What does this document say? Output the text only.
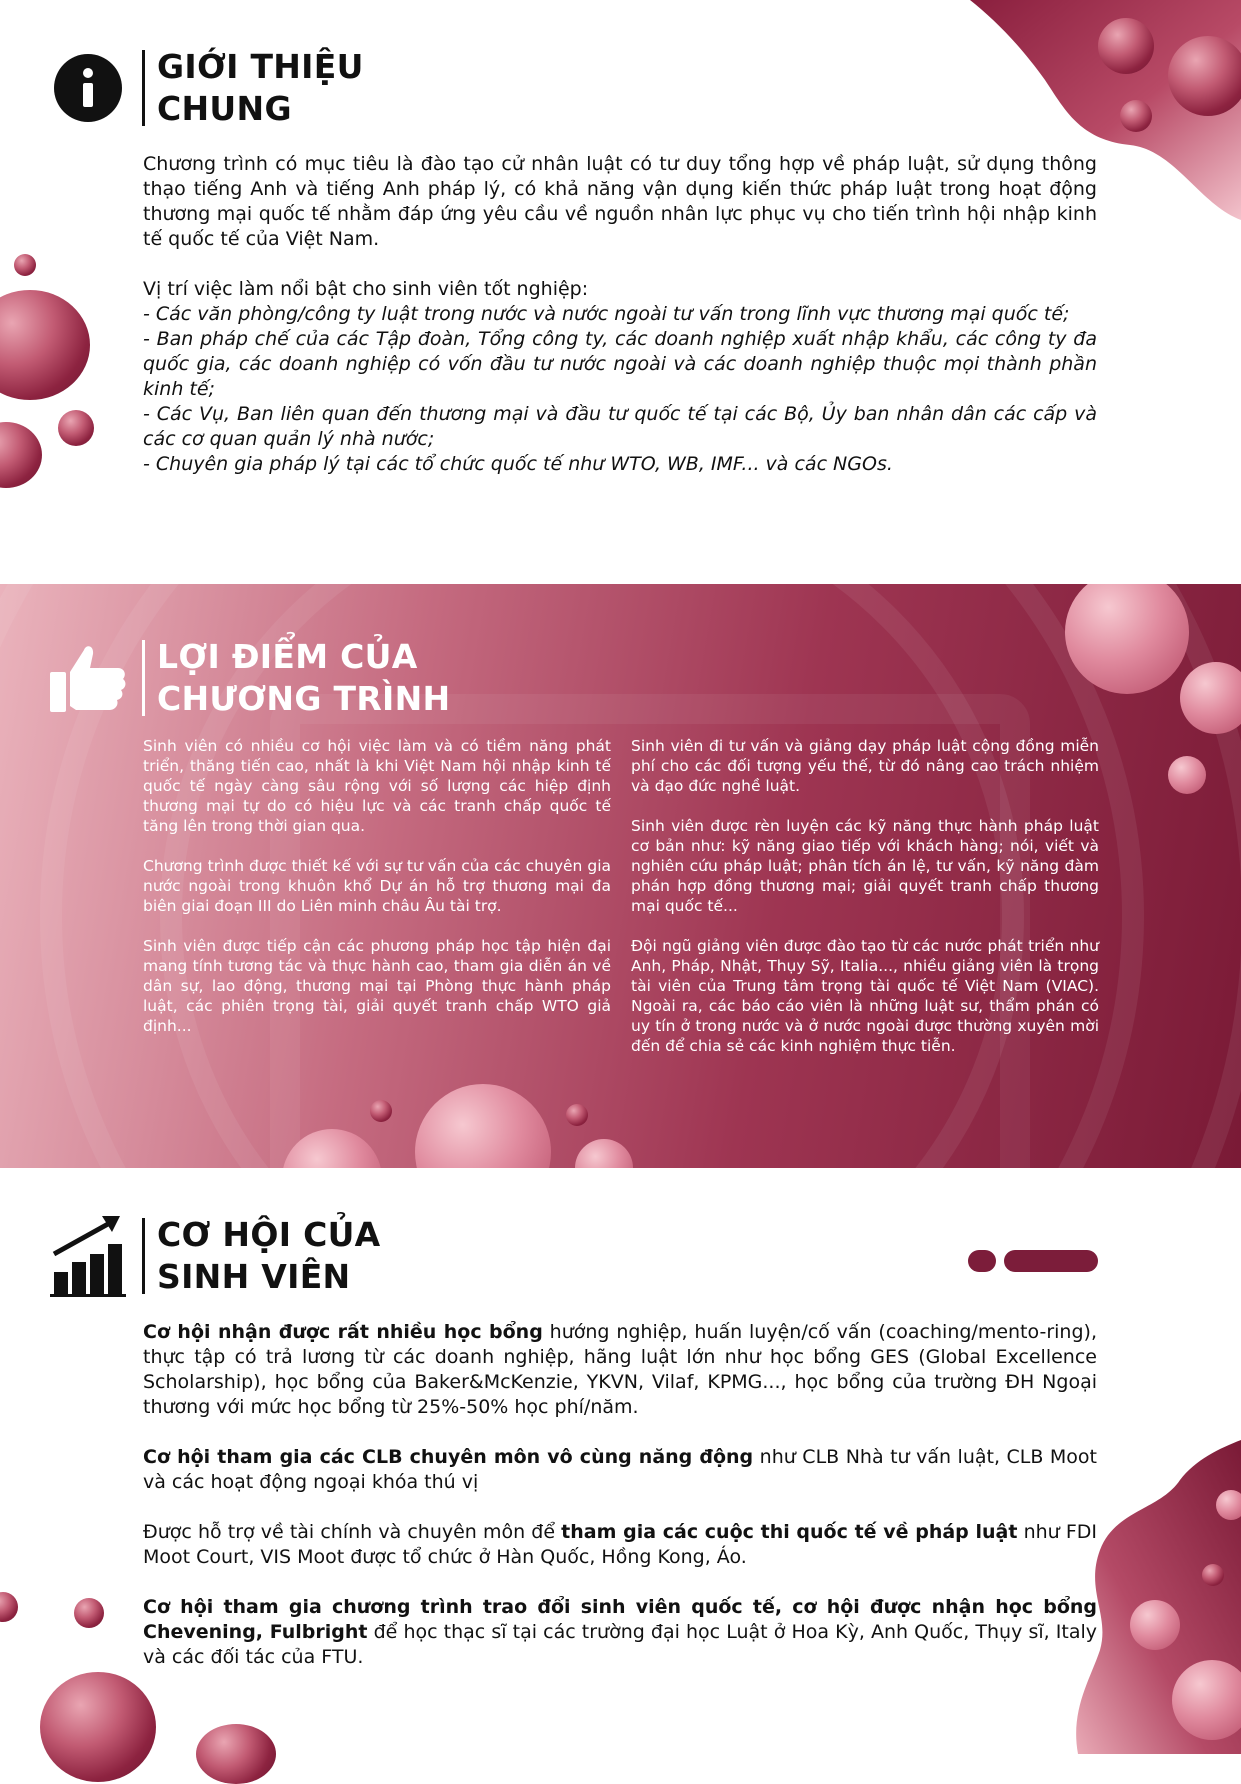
GIỚI THIỆU
CHUNG

Chương trình có mục tiêu là đào tạo cử nhân luật có tư duy tổng hợp về pháp luật, sử dụng thông thạo tiếng Anh và tiếng Anh pháp lý, có khả năng vận dụng kiến thức pháp luật trong hoạt động thương mại quốc tế nhằm đáp ứng yêu cầu về nguồn nhân lực phục vụ cho tiến trình hội nhập kinh tế quốc tế của Việt Nam.

Vị trí việc làm nổi bật cho sinh viên tốt nghiệp:

- Các văn phòng/công ty luật trong nước và nước ngoài tư vấn trong lĩnh vực thương mại quốc tế;

- Ban pháp chế của các Tập đoàn, Tổng công ty, các doanh nghiệp xuất nhập khẩu, các công ty đa quốc gia, các doanh nghiệp có vốn đầu tư nước ngoài và các doanh nghiệp thuộc mọi thành phần kinh tế;

- Các Vụ, Ban liên quan đến thương mại và đầu tư quốc tế tại các Bộ, Ủy ban nhân dân các cấp và các cơ quan quản lý nhà nước;

- Chuyên gia pháp lý tại các tổ chức quốc tế như WTO, WB, IMF... và các NGOs.

LỢI ĐIỂM CỦA
CHƯƠNG TRÌNH

Sinh viên có nhiều cơ hội việc làm và có tiềm năng phát triển, thăng tiến cao, nhất là khi Việt Nam hội nhập kinh tế quốc tế ngày càng sâu rộng với số lượng các hiệp định thương mại tự do có hiệu lực và các tranh chấp quốc tế tăng lên trong thời gian qua.

Chương trình được thiết kế với sự tư vấn của các chuyên gia nước ngoài trong khuôn khổ Dự án hỗ trợ thương mại đa biên giai đoạn III do Liên minh châu Âu tài trợ.

Sinh viên được tiếp cận các phương pháp học tập hiện đại mang tính tương tác và thực hành cao, tham gia diễn án về dân sự, lao động, thương mại tại Phòng thực hành pháp luật, các phiên trọng tài, giải quyết tranh chấp WTO giả định...

Sinh viên đi tư vấn và giảng dạy pháp luật cộng đồng miễn phí cho các đối tượng yếu thế, từ đó nâng cao trách nhiệm và đạo đức nghề luật.

Sinh viên được rèn luyện các kỹ năng thực hành pháp luật cơ bản như: kỹ năng giao tiếp với khách hàng; nói, viết và nghiên cứu pháp luật; phân tích án lệ, tư vấn, kỹ năng đàm phán hợp đồng thương mại; giải quyết tranh chấp thương mại quốc tế...

Đội ngũ giảng viên được đào tạo từ các nước phát triển như Anh, Pháp, Nhật, Thụy Sỹ, Italia..., nhiều giảng viên là trọng tài viên của Trung tâm trọng tài quốc tế Việt Nam (VIAC). Ngoài ra, các báo cáo viên là những luật sư, thẩm phán có uy tín ở trong nước và ở nước ngoài được thường xuyên mời đến để chia sẻ các kinh nghiệm thực tiễn.

CƠ HỘI CỦA
SINH VIÊN

Cơ hội nhận được rất nhiều học bổng hướng nghiệp, huấn luyện/cố vấn (coaching/mento-ring), thực tập có trả lương từ các doanh nghiệp, hãng luật lớn như học bổng GES (Global Excellence Scholarship), học bổng của Baker&McKenzie, YKVN, Vilaf, KPMG..., học bổng của trường ĐH Ngoại thương với mức học bổng từ 25%-50% học phí/năm.

Cơ hội tham gia các CLB chuyên môn vô cùng năng động như CLB Nhà tư vấn luật, CLB Moot và các hoạt động ngoại khóa thú vị

Được hỗ trợ về tài chính và chuyên môn để tham gia các cuộc thi quốc tế về pháp luật như FDI Moot Court, VIS Moot được tổ chức ở Hàn Quốc, Hồng Kong, Áo.

Cơ hội tham gia chương trình trao đổi sinh viên quốc tế, cơ hội được nhận học bổng Chevening, Fulbright để học thạc sĩ tại các trường đại học Luật ở Hoa Kỳ, Anh Quốc, Thụy sĩ, Italy và các đối tác của FTU.
